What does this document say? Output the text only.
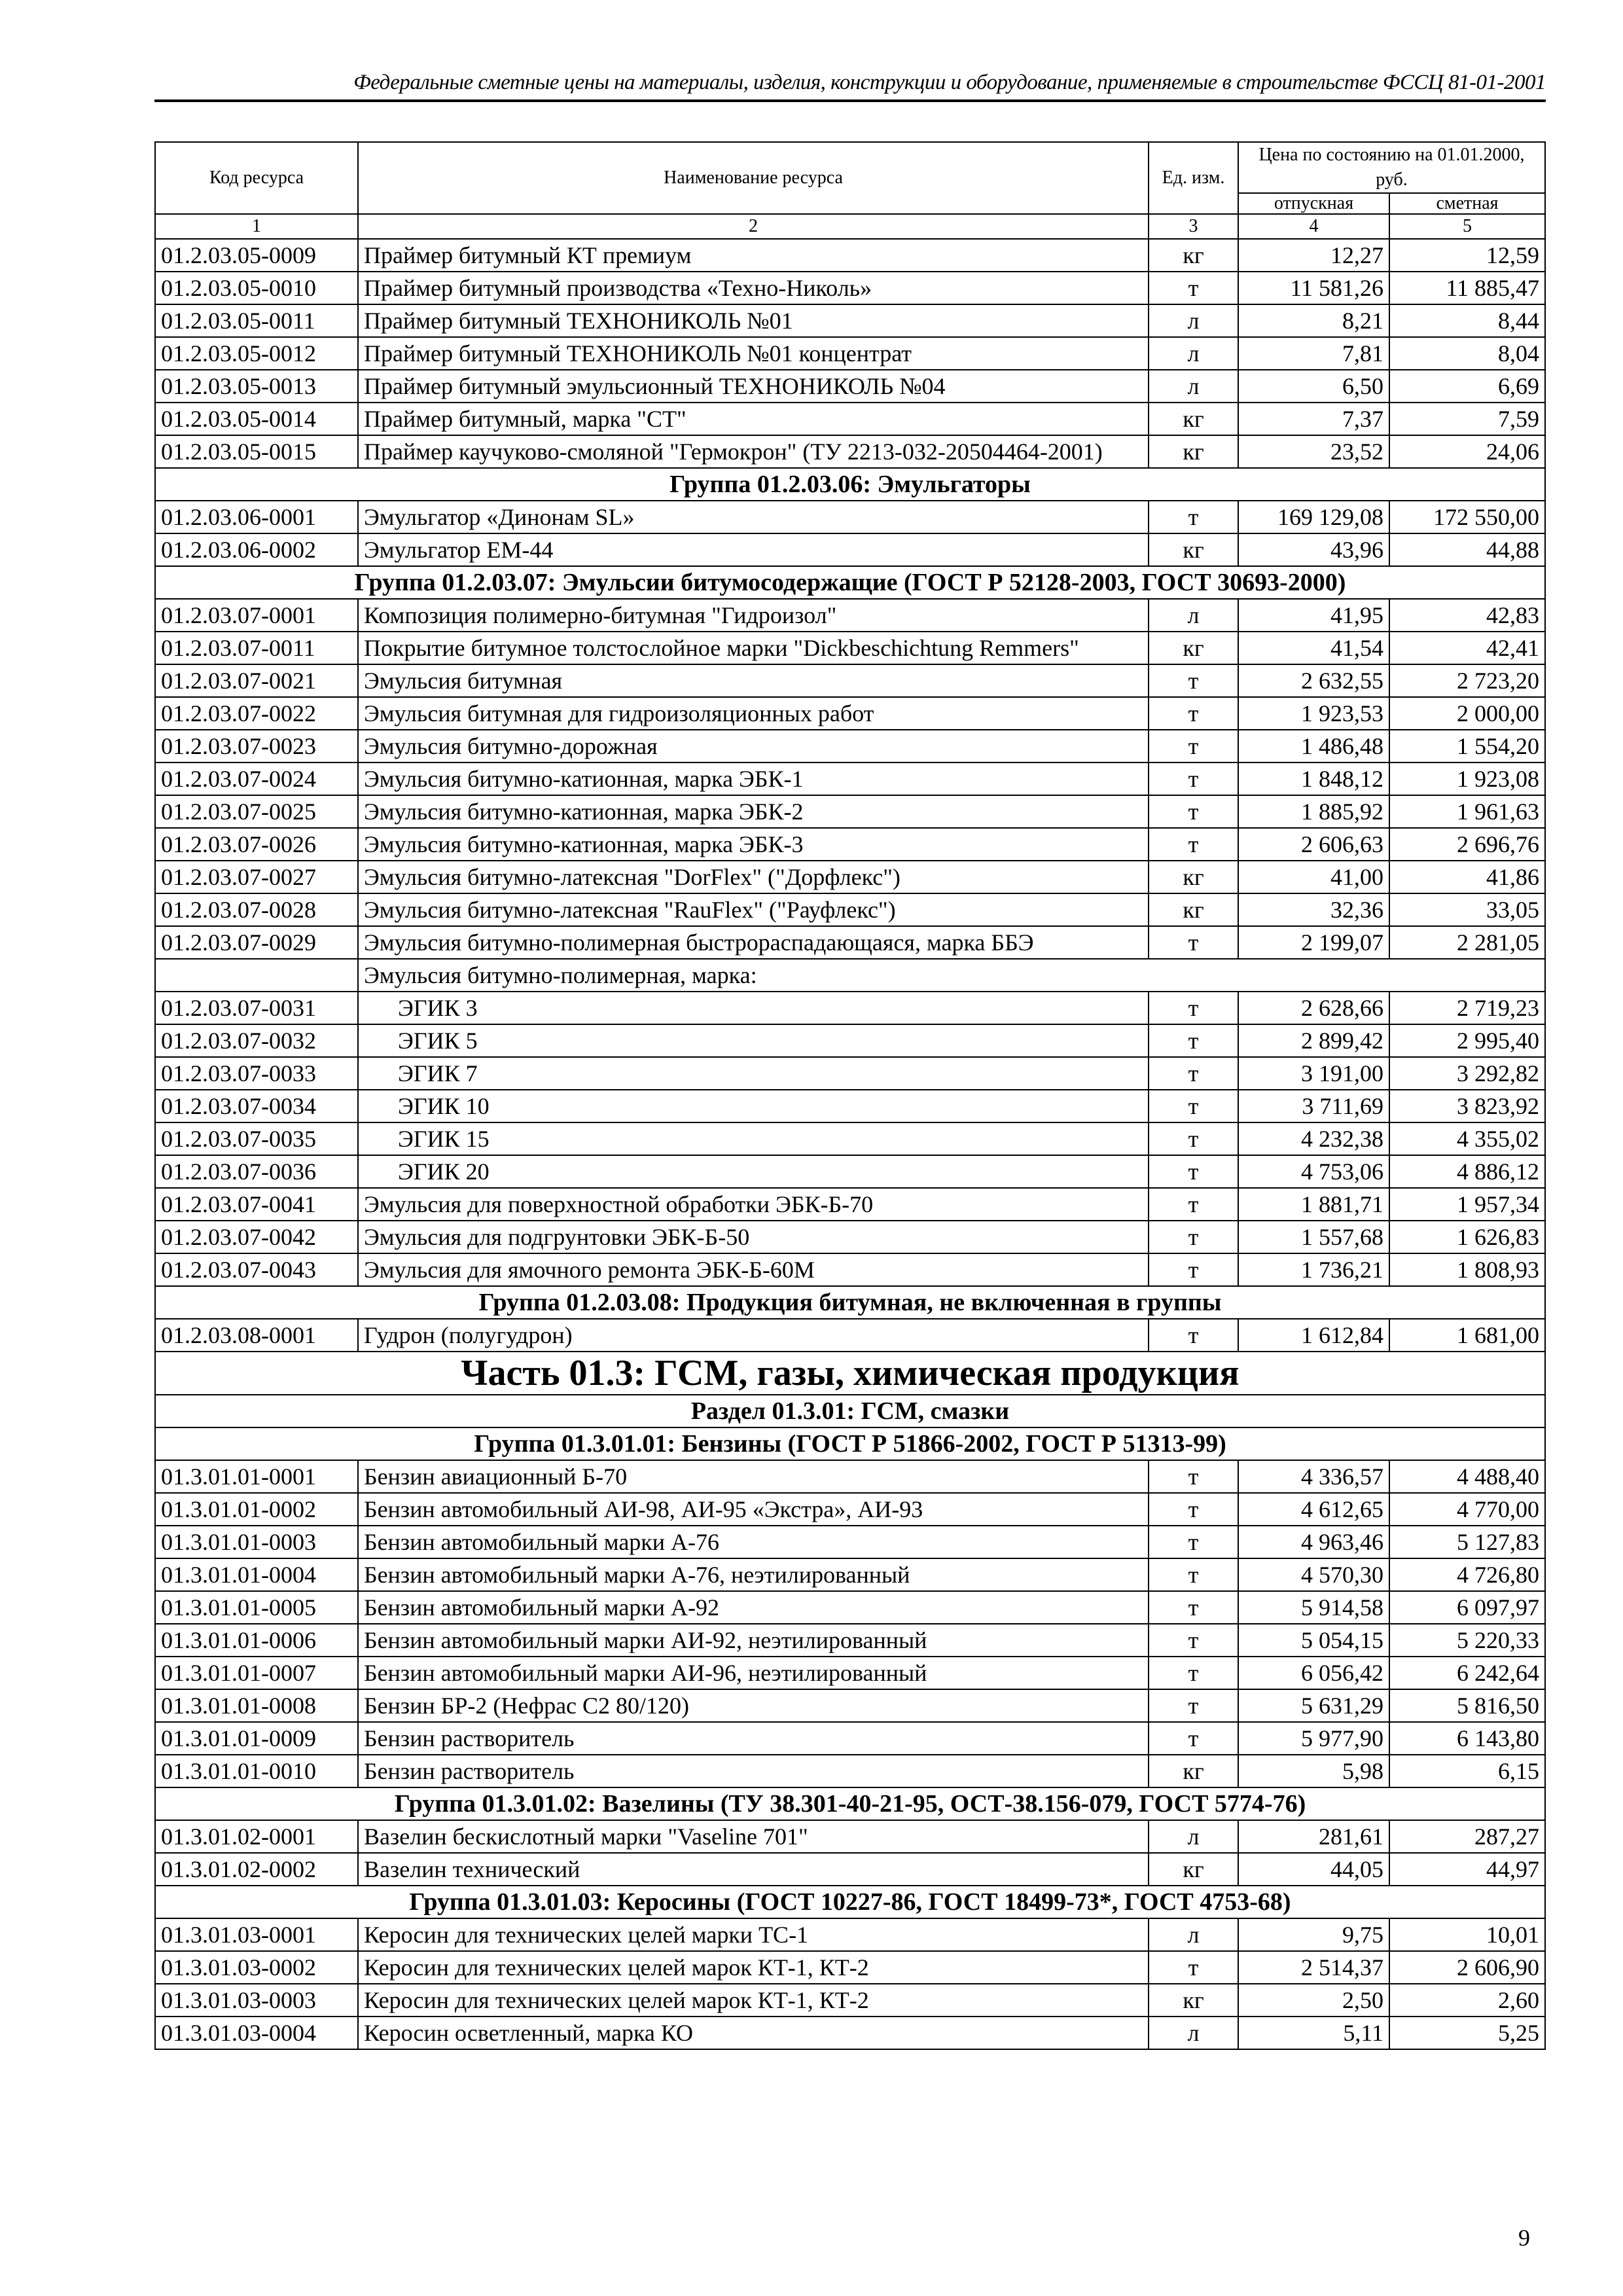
Федеральные сметные цены на материалы, изделия, конструкции и оборудование, применяемые в строительстве ФССЦ 81-01-2001
Код ресурса	Наименование ресурса	Ед. изм.	Цена по состоянию на 01.01.2000, руб.	
			отпускная	сметная
1	2	3	4	5
01.2.03.05-0009	Праймер битумный КТ премиум	кг	12,27	12,59
01.2.03.05-0010	Праймер битумный производства «Техно-Николь»	т	11 581,26	11 885,47
01.2.03.05-0011	Праймер битумный ТЕХНОНИКОЛЬ №01	л	8,21	8,44
01.2.03.05-0012	Праймер битумный ТЕХНОНИКОЛЬ №01 концентрат	л	7,81	8,04
01.2.03.05-0013	Праймер битумный эмульсионный ТЕХНОНИКОЛЬ №04	л	6,50	6,69
01.2.03.05-0014	Праймер битумный, марка "СТ"	кг	7,37	7,59
01.2.03.05-0015	Праймер каучуково-смоляной "Гермокрон" (ТУ 2213-032-20504464-2001)	кг	23,52	24,06
Группа 01.2.03.06: Эмульгаторы				
01.2.03.06-0001	Эмульгатор «Динонам SL»	т	169 129,08	172 550,00
01.2.03.06-0002	Эмульгатор ЕМ-44	кг	43,96	44,88
Группа 01.2.03.07: Эмульсии битумосодержащие (ГОСТ Р 52128-2003, ГОСТ 30693-2000)				
01.2.03.07-0001	Композиция полимерно-битумная "Гидроизол"	л	41,95	42,83
01.2.03.07-0011	Покрытие битумное толстослойное марки "Dickbeschichtung Remmers"	кг	41,54	42,41
01.2.03.07-0021	Эмульсия битумная	т	2 632,55	2 723,20
01.2.03.07-0022	Эмульсия битумная для гидроизоляционных работ	т	1 923,53	2 000,00
01.2.03.07-0023	Эмульсия битумно-дорожная	т	1 486,48	1 554,20
01.2.03.07-0024	Эмульсия битумно-катионная, марка ЭБК-1	т	1 848,12	1 923,08
01.2.03.07-0025	Эмульсия битумно-катионная, марка ЭБК-2	т	1 885,92	1 961,63
01.2.03.07-0026	Эмульсия битумно-катионная, марка ЭБК-3	т	2 606,63	2 696,76
01.2.03.07-0027	Эмульсия битумно-латексная "DorFlex" ("Дорфлекс")	кг	41,00	41,86
01.2.03.07-0028	Эмульсия битумно-латексная "RauFlex" ("Рауфлекс")	кг	32,36	33,05
01.2.03.07-0029	Эмульсия битумно-полимерная быстрораспадающаяся, марка ББЭ	т	2 199,07	2 281,05
	Эмульсия битумно-полимерная, марка:			
01.2.03.07-0031	ЭГИК 3	т	2 628,66	2 719,23
01.2.03.07-0032	ЭГИК 5	т	2 899,42	2 995,40
01.2.03.07-0033	ЭГИК 7	т	3 191,00	3 292,82
01.2.03.07-0034	ЭГИК 10	т	3 711,69	3 823,92
01.2.03.07-0035	ЭГИК 15	т	4 232,38	4 355,02
01.2.03.07-0036	ЭГИК 20	т	4 753,06	4 886,12
01.2.03.07-0041	Эмульсия для поверхностной обработки ЭБК-Б-70	т	1 881,71	1 957,34
01.2.03.07-0042	Эмульсия для подгрунтовки ЭБК-Б-50	т	1 557,68	1 626,83
01.2.03.07-0043	Эмульсия для ямочного ремонта ЭБК-Б-60М	т	1 736,21	1 808,93
Группа 01.2.03.08: Продукция битумная, не включенная в группы				
01.2.03.08-0001	Гудрон (полугудрон)	т	1 612,84	1 681,00
Часть 01.3: ГСМ, газы, химическая продукция				
Раздел 01.3.01: ГСМ, смазки				
Группа 01.3.01.01: Бензины (ГОСТ Р 51866-2002, ГОСТ Р 51313-99)				
01.3.01.01-0001	Бензин авиационный Б-70	т	4 336,57	4 488,40
01.3.01.01-0002	Бензин автомобильный АИ-98, АИ-95 «Экстра», АИ-93	т	4 612,65	4 770,00
01.3.01.01-0003	Бензин автомобильный марки А-76	т	4 963,46	5 127,83
01.3.01.01-0004	Бензин автомобильный марки А-76, неэтилированный	т	4 570,30	4 726,80
01.3.01.01-0005	Бензин автомобильный марки А-92	т	5 914,58	6 097,97
01.3.01.01-0006	Бензин автомобильный марки АИ-92, неэтилированный	т	5 054,15	5 220,33
01.3.01.01-0007	Бензин автомобильный марки АИ-96, неэтилированный	т	6 056,42	6 242,64
01.3.01.01-0008	Бензин БР-2 (Нефрас С2 80/120)	т	5 631,29	5 816,50
01.3.01.01-0009	Бензин растворитель	т	5 977,90	6 143,80
01.3.01.01-0010	Бензин растворитель	кг	5,98	6,15
Группа 01.3.01.02: Вазелины (ТУ 38.301-40-21-95, ОСТ-38.156-079, ГОСТ 5774-76)				
01.3.01.02-0001	Вазелин бескислотный марки "Vaseline 701"	л	281,61	287,27
01.3.01.02-0002	Вазелин технический	кг	44,05	44,97
Группа 01.3.01.03: Керосины (ГОСТ 10227-86, ГОСТ 18499-73*, ГОСТ 4753-68)				
01.3.01.03-0001	Керосин для технических целей марки ТС-1	л	9,75	10,01
01.3.01.03-0002	Керосин для технических целей марок КТ-1, КТ-2	т	2 514,37	2 606,90
01.3.01.03-0003	Керосин для технических целей марок КТ-1, КТ-2	кг	2,50	2,60
01.3.01.03-0004	Керосин осветленный, марка КО	л	5,11	5,25
9
